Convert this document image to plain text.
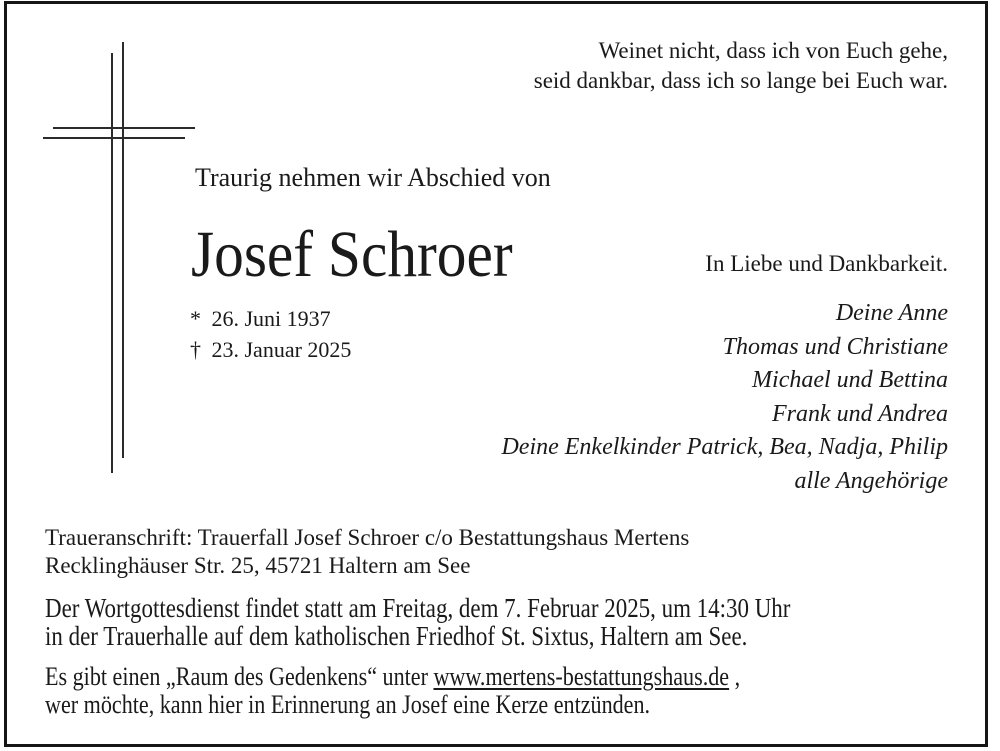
Weinet nicht, dass ich von Euch gehe,
seid dankbar, dass ich so lange bei Euch war.
Traurig nehmen wir Abschied von
Josef Schroer
* 26. Juni 1937
† 23. Januar 2025
In Liebe und Dankbarkeit.
Deine Anne
Thomas und Christiane
Michael und Bettina
Frank und Andrea
Deine Enkelkinder Patrick, Bea, Nadja, Philip
alle Angehörige
Traueranschrift: Trauerfall Josef Schroer c/o Bestattungshaus Mertens
Recklinghäuser Str. 25, 45721 Haltern am See
Der Wortgottesdienst findet statt am Freitag, dem 7. Februar 2025, um 14:30 Uhr
in der Trauerhalle auf dem katholischen Friedhof St. Sixtus, Haltern am See.
Es gibt einen „Raum des Gedenkens“ unter www.mertens-bestattungshaus.de ,
wer möchte, kann hier in Erinnerung an Josef eine Kerze entzünden.
